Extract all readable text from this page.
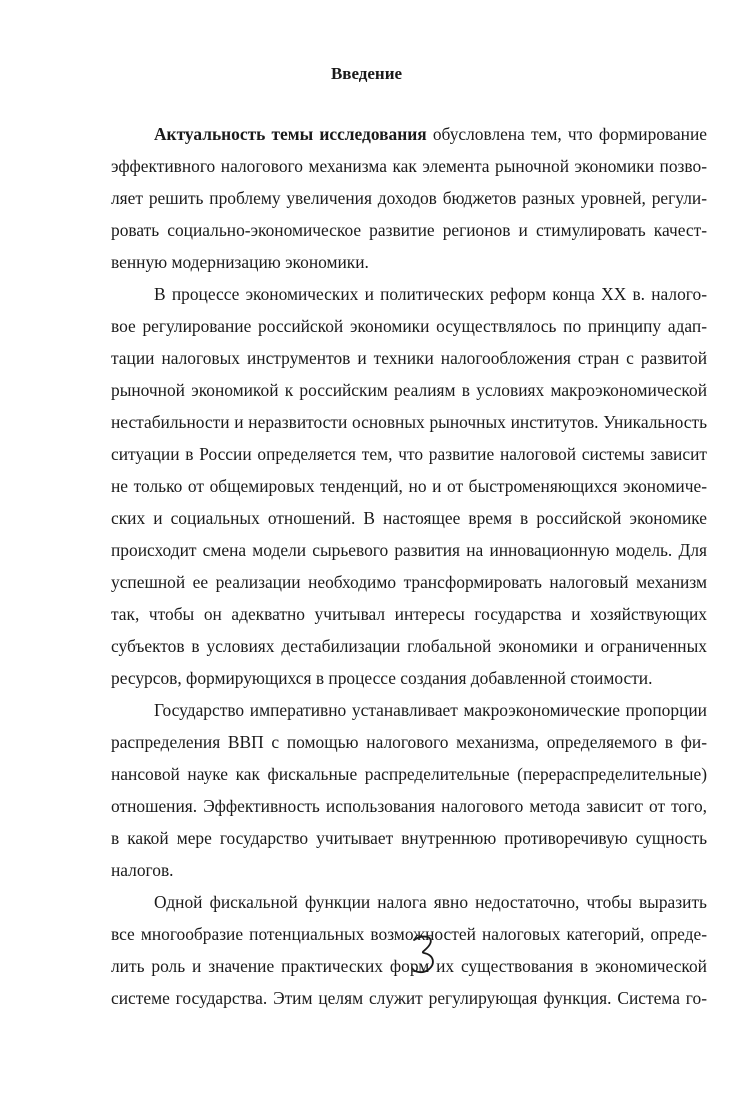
Введение
Актуальность темы исследования обусловлена тем, что формирование
эффективного налогового механизма как элемента рыночной экономики позво-
ляет решить проблему увеличения доходов бюджетов разных уровней, регули-
ровать социально-экономическое развитие регионов и стимулировать качест-
венную модернизацию экономики.
В процессе экономических и политических реформ конца XX в. налого-
вое регулирование российской экономики осуществлялось по принципу адап-
тации налоговых инструментов и техники налогообложения стран с развитой
рыночной экономикой к российским реалиям в условиях макроэкономической
нестабильности и неразвитости основных рыночных институтов. Уникальность
ситуации в России определяется тем, что развитие налоговой системы зависит
не только от общемировых тенденций, но и от быстроменяющихся экономиче-
ских и социальных отношений. В настоящее время в российской экономике
происходит смена модели сырьевого развития на инновационную модель. Для
успешной ее реализации необходимо трансформировать налоговый механизм
так, чтобы он адекватно учитывал интересы государства и хозяйствующих
субъектов в условиях дестабилизации глобальной экономики и ограниченных
ресурсов, формирующихся в процессе создания добавленной стоимости.
Государство императивно устанавливает макроэкономические пропорции
распределения ВВП с помощью налогового механизма, определяемого в фи-
нансовой науке как фискальные распределительные (перераспределительные)
отношения. Эффективность использования налогового метода зависит от того,
в какой мере государство учитывает внутреннюю противоречивую сущность
налогов.
Одной фискальной функции налога явно недостаточно, чтобы выразить
все многообразие потенциальных возможностей налоговых категорий, опреде-
лить роль и значение практических форм их существования в экономической
системе государства. Этим целям служит регулирующая функция. Система го-
